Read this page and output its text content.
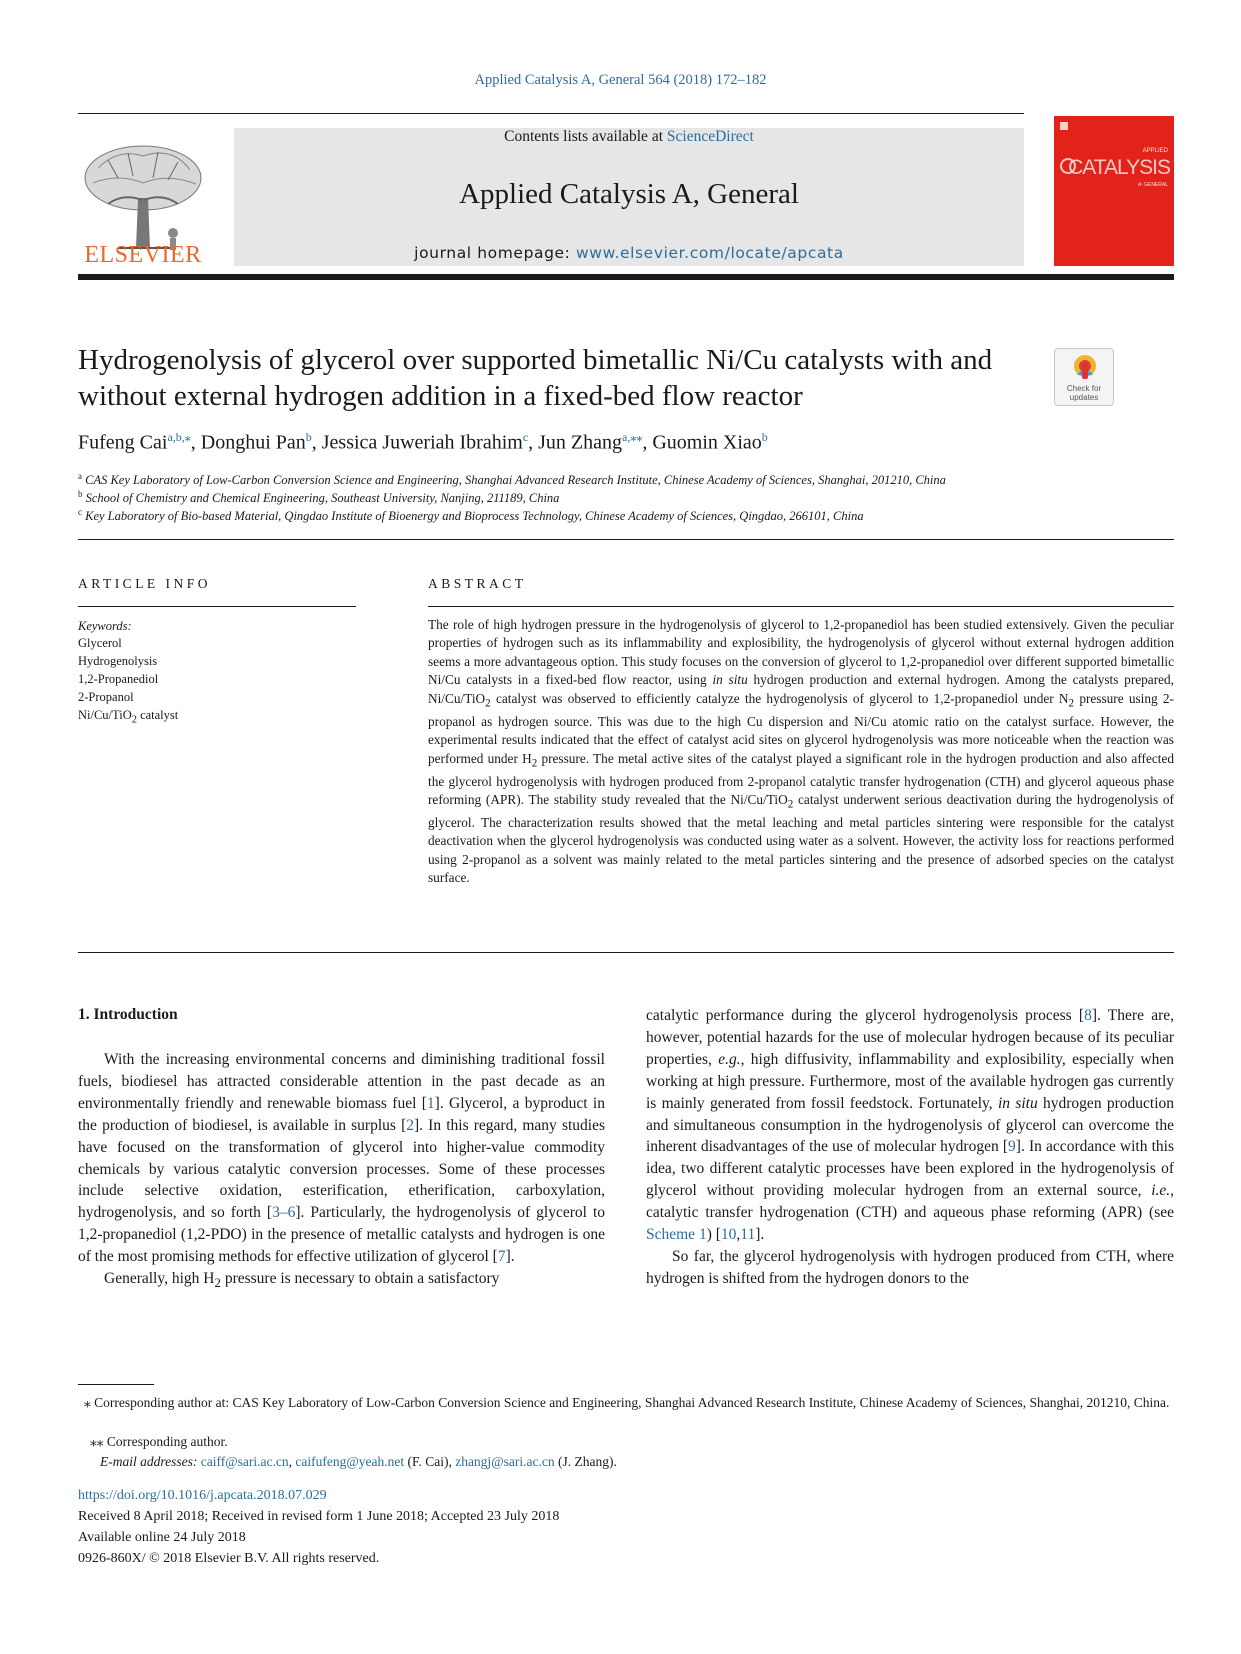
Applied Catalysis A, General 564 (2018) 172–182
ELSEVIER
Contents lists available at ScienceDirect
Applied Catalysis A, General
journal homepage: www.elsevier.com/locate/apcata
APPLIED
CATALYSIS
A: GENERAL
Hydrogenolysis of glycerol over supported bimetallic Ni/Cu catalysts with and without external hydrogen addition in a fixed-bed flow reactor	Check for updates
Fufeng Cai$^{a,b,⁎}$, Donghui Pan$^b$, Jessica Juweriah Ibrahim$^c$, Jun Zhang$^{a,⁎⁎}$, Guomin Xiao$^b$
$^a$ CAS Key Laboratory of Low-Carbon Conversion Science and Engineering, Shanghai Advanced Research Institute, Chinese Academy of Sciences, Shanghai, 201210, China
$^b$ School of Chemistry and Chemical Engineering, Southeast University, Nanjing, 211189, China
$^c$ Key Laboratory of Bio-based Material, Qingdao Institute of Bioenergy and Bioprocess Technology, Chinese Academy of Sciences, Qingdao, 266101, China
ARTICLE INFO
Keywords:
Glycerol
Hydrogenolysis
1,2-Propanediol
2-Propanol
Ni/Cu/TiO$_2$ catalyst
ABSTRACT
The role of high hydrogen pressure in the hydrogenolysis of glycerol to 1,2-propanediol has been studied extensively. Given the peculiar properties of hydrogen such as its inflammability and explosibility, the hydrogenolysis of glycerol without external hydrogen addition seems a more advantageous option. This study focuses on the conversion of glycerol to 1,2-propanediol over different supported bimetallic Ni/Cu catalysts in a fixed-bed flow reactor, using in situ hydrogen production and external hydrogen. Among the catalysts prepared, Ni/Cu/TiO$_2$ catalyst was observed to efficiently catalyze the hydrogenolysis of glycerol to 1,2-propanediol under $N_2$ pressure using 2-propanol as hydrogen source. This was due to the high Cu dispersion and Ni/Cu atomic ratio on the catalyst surface. However, the experimental results indicated that the effect of catalyst acid sites on glycerol hydrogenolysis was more noticeable when the reaction was performed under $H_2$ pressure. The metal active sites of the catalyst played a significant role in the hydrogen production and also affected the glycerol hydrogenolysis with hydrogen produced from 2-propanol catalytic transfer hydrogenation (CTH) and glycerol aqueous phase reforming (APR). The stability study revealed that the Ni/Cu/TiO$_2$ catalyst underwent serious deactivation during the hydrogenolysis of glycerol. The characterization results showed that the metal leaching and metal particles sintering were responsible for the catalyst deactivation when the glycerol hydrogenolysis was conducted using water as a solvent. However, the activity loss for reactions performed using 2-propanol as a solvent was mainly related to the metal particles sintering and the presence of adsorbed species on the catalyst surface.
1. Introduction

With the increasing environmental concerns and diminishing traditional fossil fuels, biodiesel has attracted considerable attention in the past decade as an environmentally friendly and renewable biomass fuel [1]. Glycerol, a byproduct in the production of biodiesel, is available in surplus [2]. In this regard, many studies have focused on the transformation of glycerol into higher-value commodity chemicals by various catalytic conversion processes. Some of these processes include selective oxidation, esterification, etherification, carboxylation, hydrogenolysis, and so forth [3–6]. Particularly, the hydrogenolysis of glycerol to 1,2-propanediol (1,2-PDO) in the presence of metallic catalysts and hydrogen is one of the most promising methods for effective utilization of glycerol [7].

Generally, high $H_2$ pressure is necessary to obtain a satisfactory

catalytic performance during the glycerol hydrogenolysis process [8]. There are, however, potential hazards for the use of molecular hydrogen because of its peculiar properties, e.g., high diffusivity, inflammability and explosibility, especially when working at high pressure. Furthermore, most of the available hydrogen gas currently is mainly generated from fossil feedstock. Fortunately, in situ hydrogen production and simultaneous consumption in the hydrogenolysis of glycerol can overcome the inherent disadvantages of the use of molecular hydrogen [9]. In accordance with this idea, two different catalytic processes have been explored in the hydrogenolysis of glycerol without providing molecular hydrogen from an external source, i.e., catalytic transfer hydrogenation (CTH) and aqueous phase reforming (APR) (see Scheme 1) [10,11].

So far, the glycerol hydrogenolysis with hydrogen produced from CTH, where hydrogen is shifted from the hydrogen donors to the

⁎ Corresponding author at: CAS Key Laboratory of Low-Carbon Conversion Science and Engineering, Shanghai Advanced Research Institute, Chinese Academy of Sciences, Shanghai, 201210, China.
⁎⁎ Corresponding author.
E-mail addresses: caiff@sari.ac.cn, caifufeng@yeah.net (F. Cai), zhangj@sari.ac.cn (J. Zhang).
https://doi.org/10.1016/j.apcata.2018.07.029
Received 8 April 2018; Received in revised form 1 June 2018; Accepted 23 July 2018
Available online 24 July 2018
0926-860X/ © 2018 Elsevier B.V. All rights reserved.
